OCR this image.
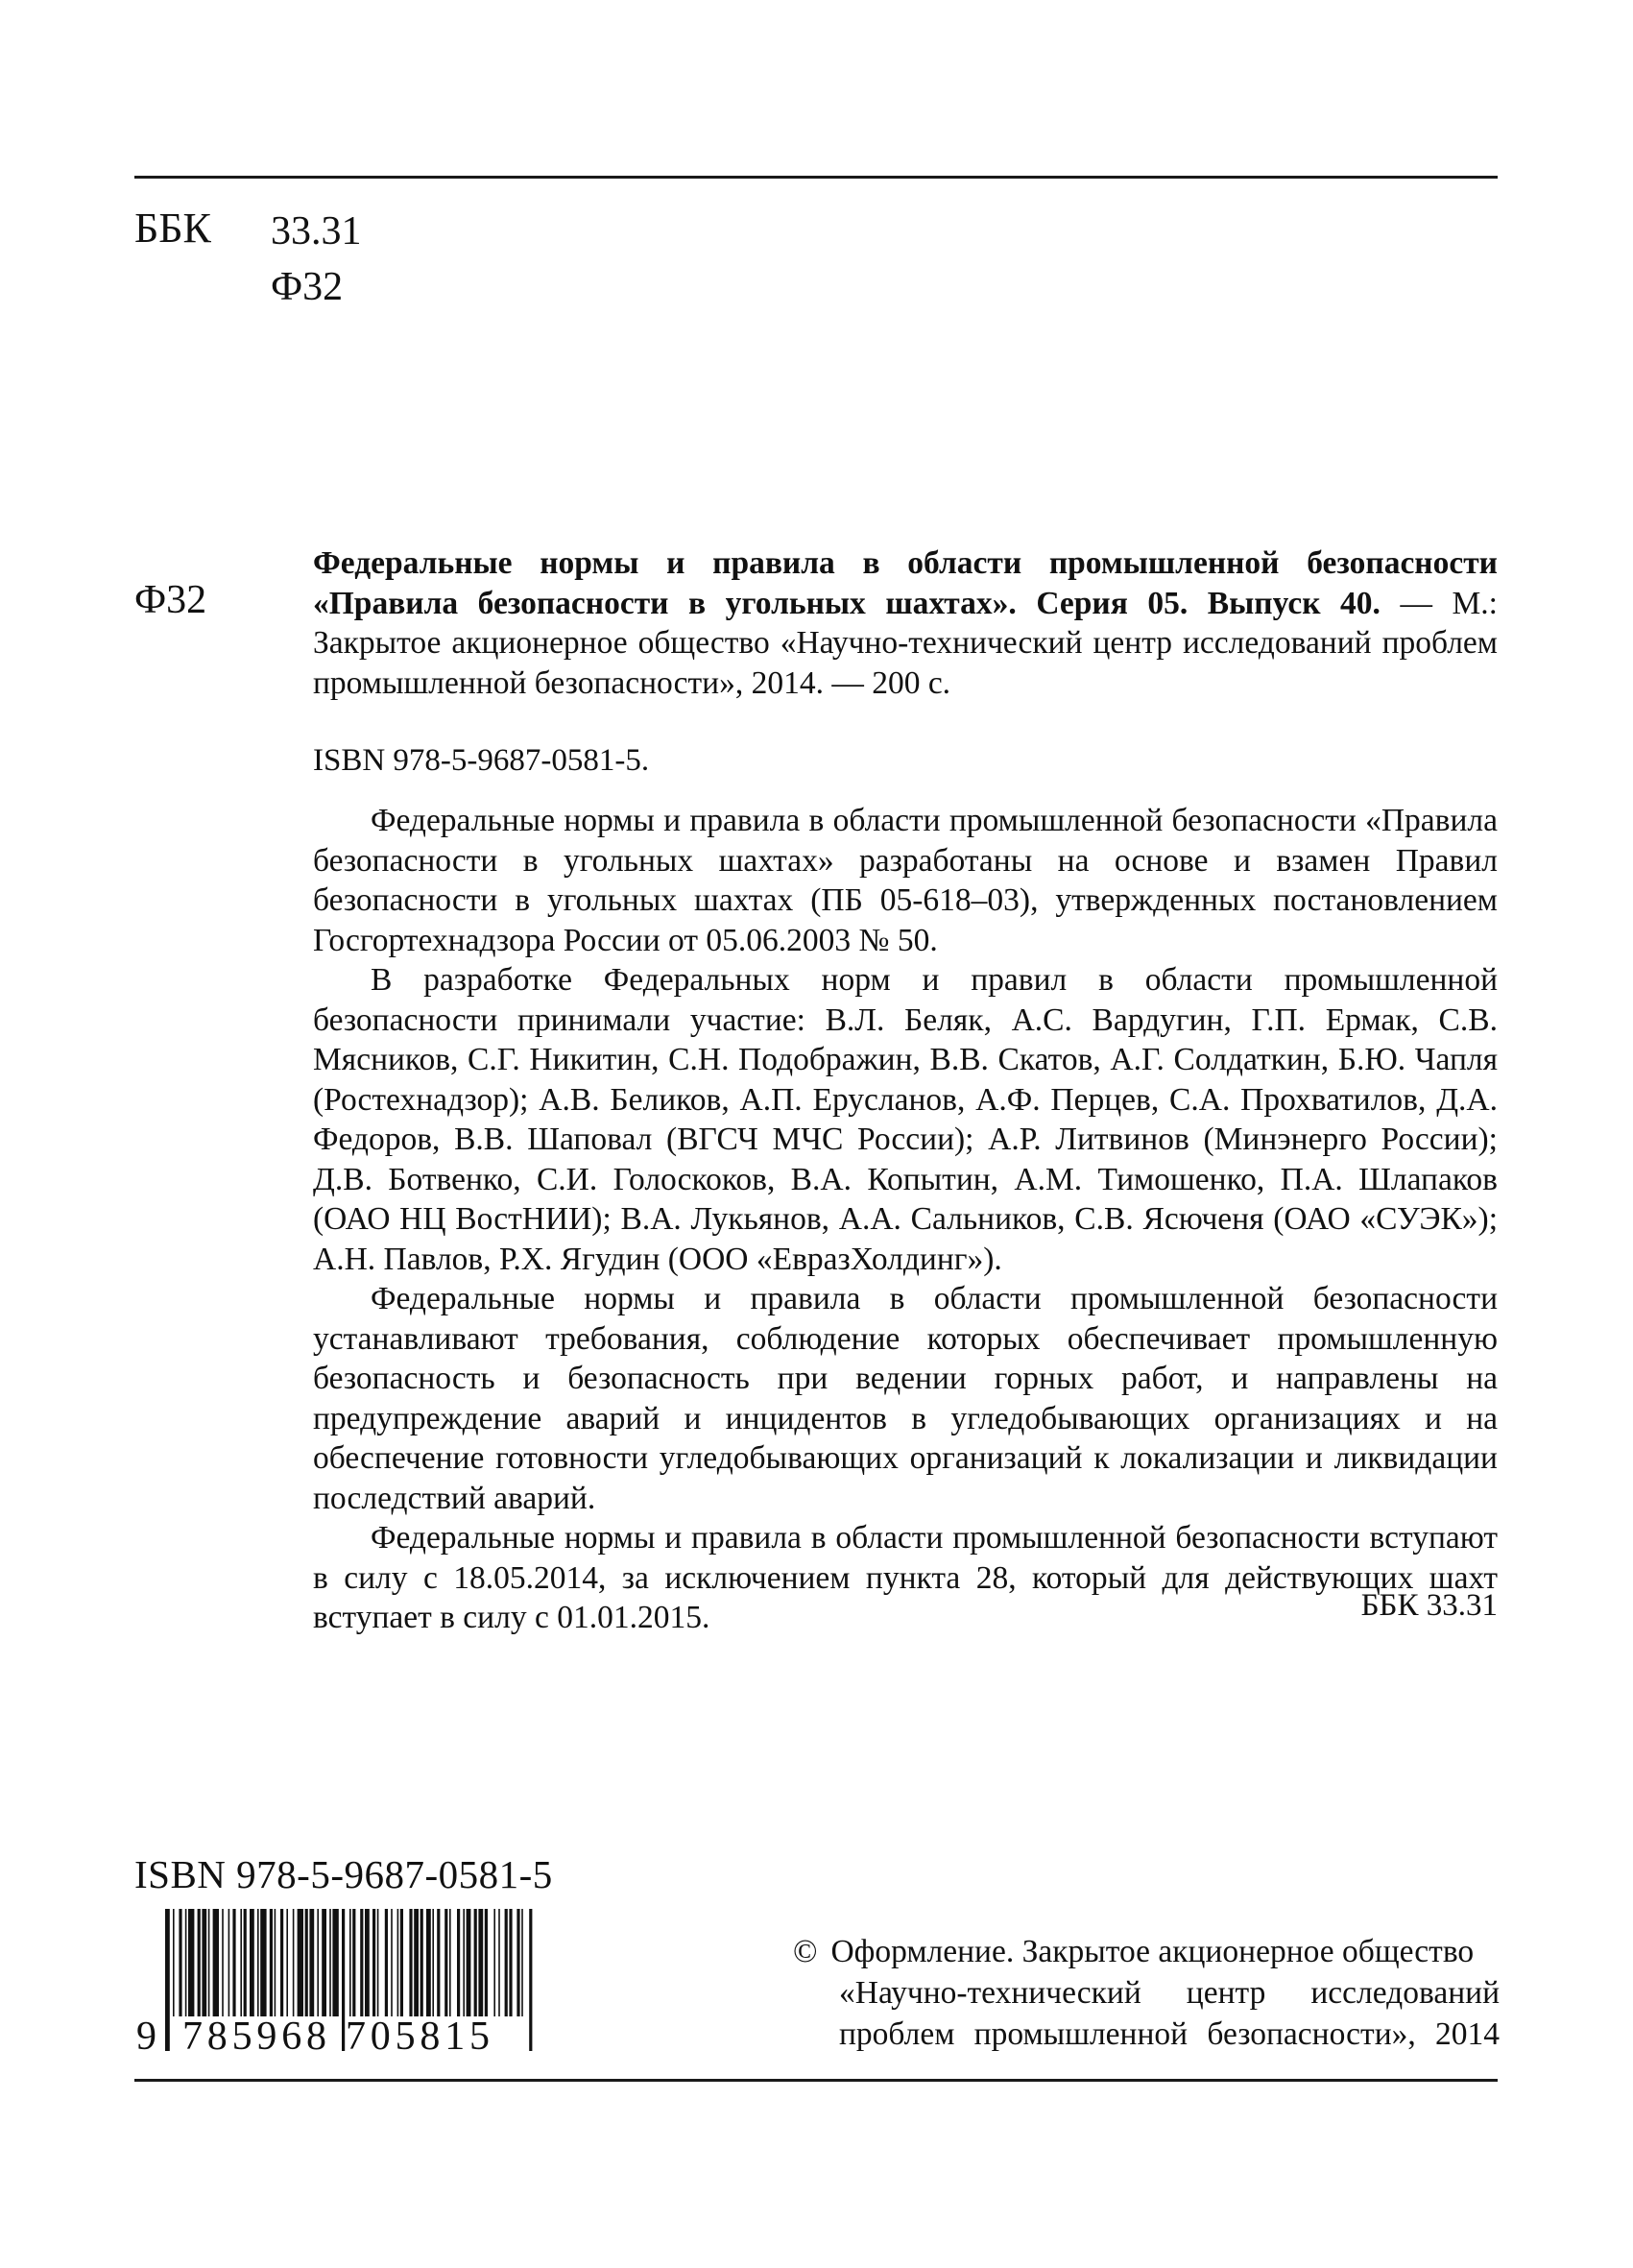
ББК 33.31
Ф32
Ф32
Федеральные нормы и правила в области промышленной безопасности «Правила безопасности в угольных шахтах». Серия 05. Выпуск 40. — М.: Закрытое акционерное общество «Научно-технический центр исследований проблем промышленной безопасности», 2014. — 200 с.
ISBN 978-5-9687-0581-5.

Федеральные нормы и правила в области промышленной безопасности «Правила безопасности в угольных шахтах» разработаны на основе и взамен Правил безопасности в угольных шахтах (ПБ 05-618–03), утвержденных постановлением Госгортехнадзора России от 05.06.2003 № 50.

В разработке Федеральных норм и правил в области промышленной безопасности принимали участие: В.Л. Беляк, А.С. Вардугин, Г.П. Ермак, С.В. Мясников, С.Г. Никитин, С.Н. Подображин, В.В. Скатов, А.Г. Солдаткин, Б.Ю. Чапля (Ростехнадзор); А.В. Беликов, А.П. Ерусланов, А.Ф. Перцев, С.А. Прохватилов, Д.А. Федоров, В.В. Шаповал (ВГСЧ МЧС России); А.Р. Литвинов (Минэнерго России); Д.В. Ботвенко, С.И. Голоскоков, В.А. Копытин, А.М. Тимошенко, П.А. Шлапаков (ОАО НЦ ВостНИИ); В.А. Лукьянов, А.А. Сальников, С.В. Ясюченя (ОАО «СУЭК»); А.Н. Павлов, Р.Х. Ягудин (ООО «ЕвразХолдинг»).

Федеральные нормы и правила в области промышленной безопасности устанавливают требования, соблюдение которых обеспечивает промышленную безопасность и безопасность при ведении горных работ, и направлены на предупреждение аварий и инцидентов в угледобывающих организациях и на обеспечение готовности угледобывающих организаций к локализации и ликвидации последствий аварий.

Федеральные нормы и правила в области промышленной безопасности вступают в силу с 18.05.2014, за исключением пункта 28, который для действующих шахт вступает в силу с 01.01.2015.	ББК 33.31
ISBN 978-5-9687-0581-5
9 785968 705815
© Оформление. Закрытое акционерное общество
«Научно-технический центр исследований
проблем промышленной безопасности», 2014
